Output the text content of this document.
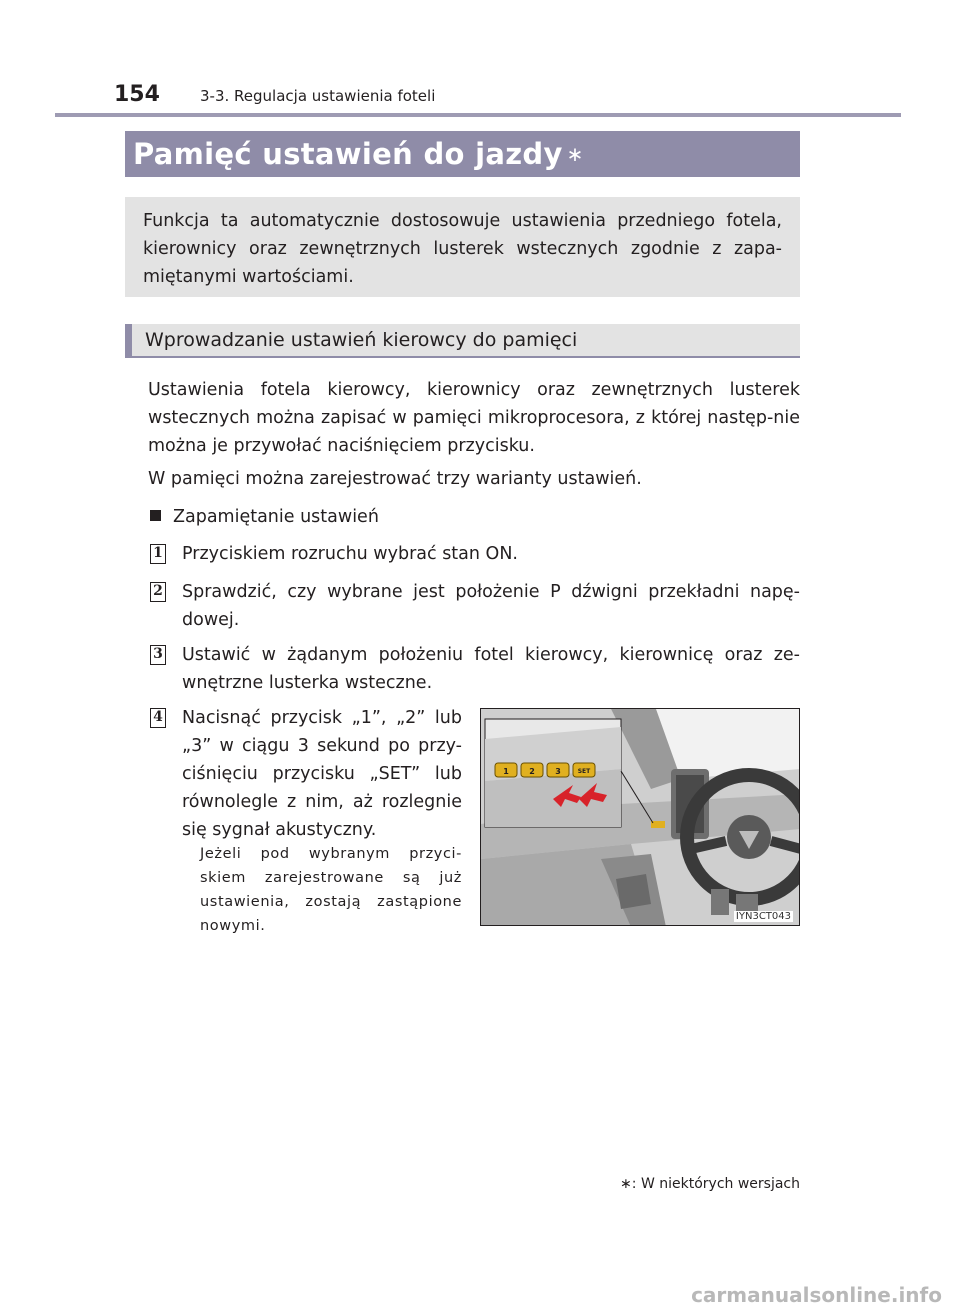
154	3-3. Regulacja ustawienia foteli
Pamięć ustawień do jazdy ∗
Funkcja ta automatycznie dostosowuje ustawienia przedniego fotela, kierownicy oraz zewnętrznych lusterek wstecznych zgodnie z zapa-miętanymi wartościami.
Wprowadzanie ustawień kierowcy do pamięci
Ustawienia fotela kierowcy, kierownicy oraz zewnętrznych lusterek wstecznych można zapisać w pamięci mikroprocesora, z której następ-nie można je przywołać naciśnięciem przycisku.
W pamięci można zarejestrować trzy warianty ustawień.
Zapamiętanie ustawień
1 Przyciskiem rozruchu wybrać stan ON.
2 Sprawdzić, czy wybrane jest położenie P dźwigni przekładni napę-dowej.
3 Ustawić w żądanym położeniu fotel kierowcy, kierownicę oraz ze-wnętrzne lusterka wsteczne.
4 Nacisnąć przycisk „1”, „2” lub „3” w ciągu 3 sekund po przy-ciśnięciu przycisku „SET” lub równolegle z nim, aż rozlegnie się sygnał akustyczny.
Jeżeli pod wybranym przyci-skiem zarejestrowane są już ustawienia, zostają zastąpione nowymi.
1	2	3	SET
IYN3CT043
∗: W niektórych wersjach
carmanualsonline.info
